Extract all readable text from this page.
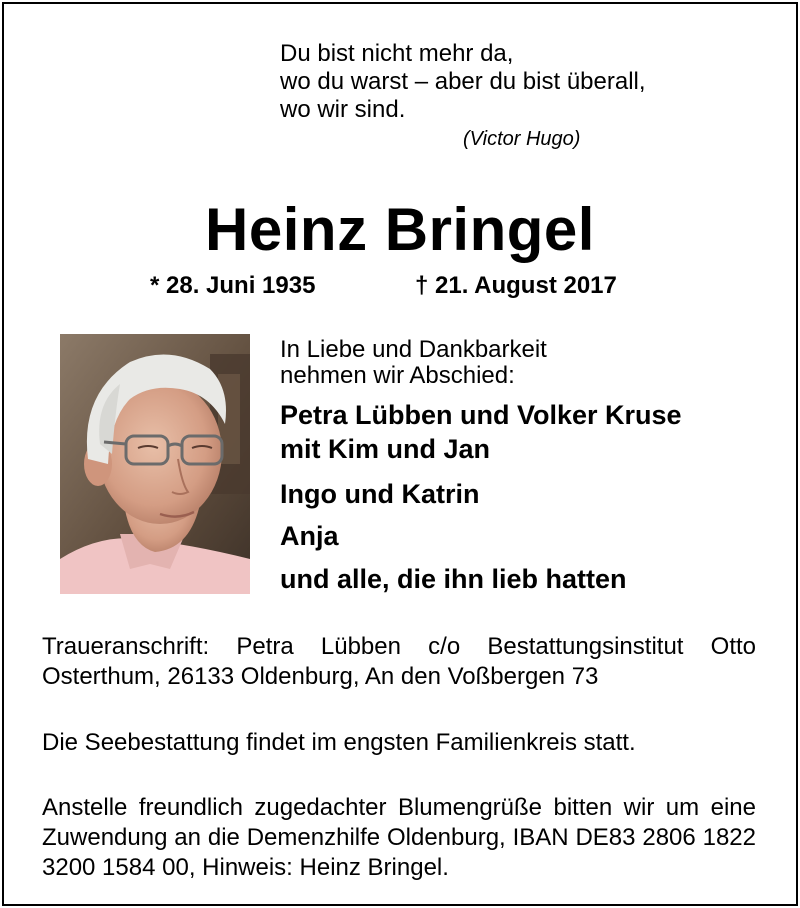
Du bist nicht mehr da,
wo du warst – aber du bist überall,
wo wir sind.
(Victor Hugo)
Heinz Bringel
* 28. Juni 1935	† 21. August 2017
In Liebe und Dankbarkeit
nehmen wir Abschied:
Petra Lübben und Volker Kruse
mit Kim und Jan
Ingo und Katrin
Anja
und alle, die ihn lieb hatten
Traueranschrift: Petra Lübben c/o Bestattungsinstitut Otto Osterthum, 26133 Oldenburg, An den Voßbergen 73
Die Seebestattung findet im engsten Familienkreis statt.
Anstelle freundlich zugedachter Blumengrüße bitten wir um eine Zuwendung an die Demenzhilfe Oldenburg, IBAN DE83 2806 1822 3200 1584 00, Hinweis: Heinz Bringel.
